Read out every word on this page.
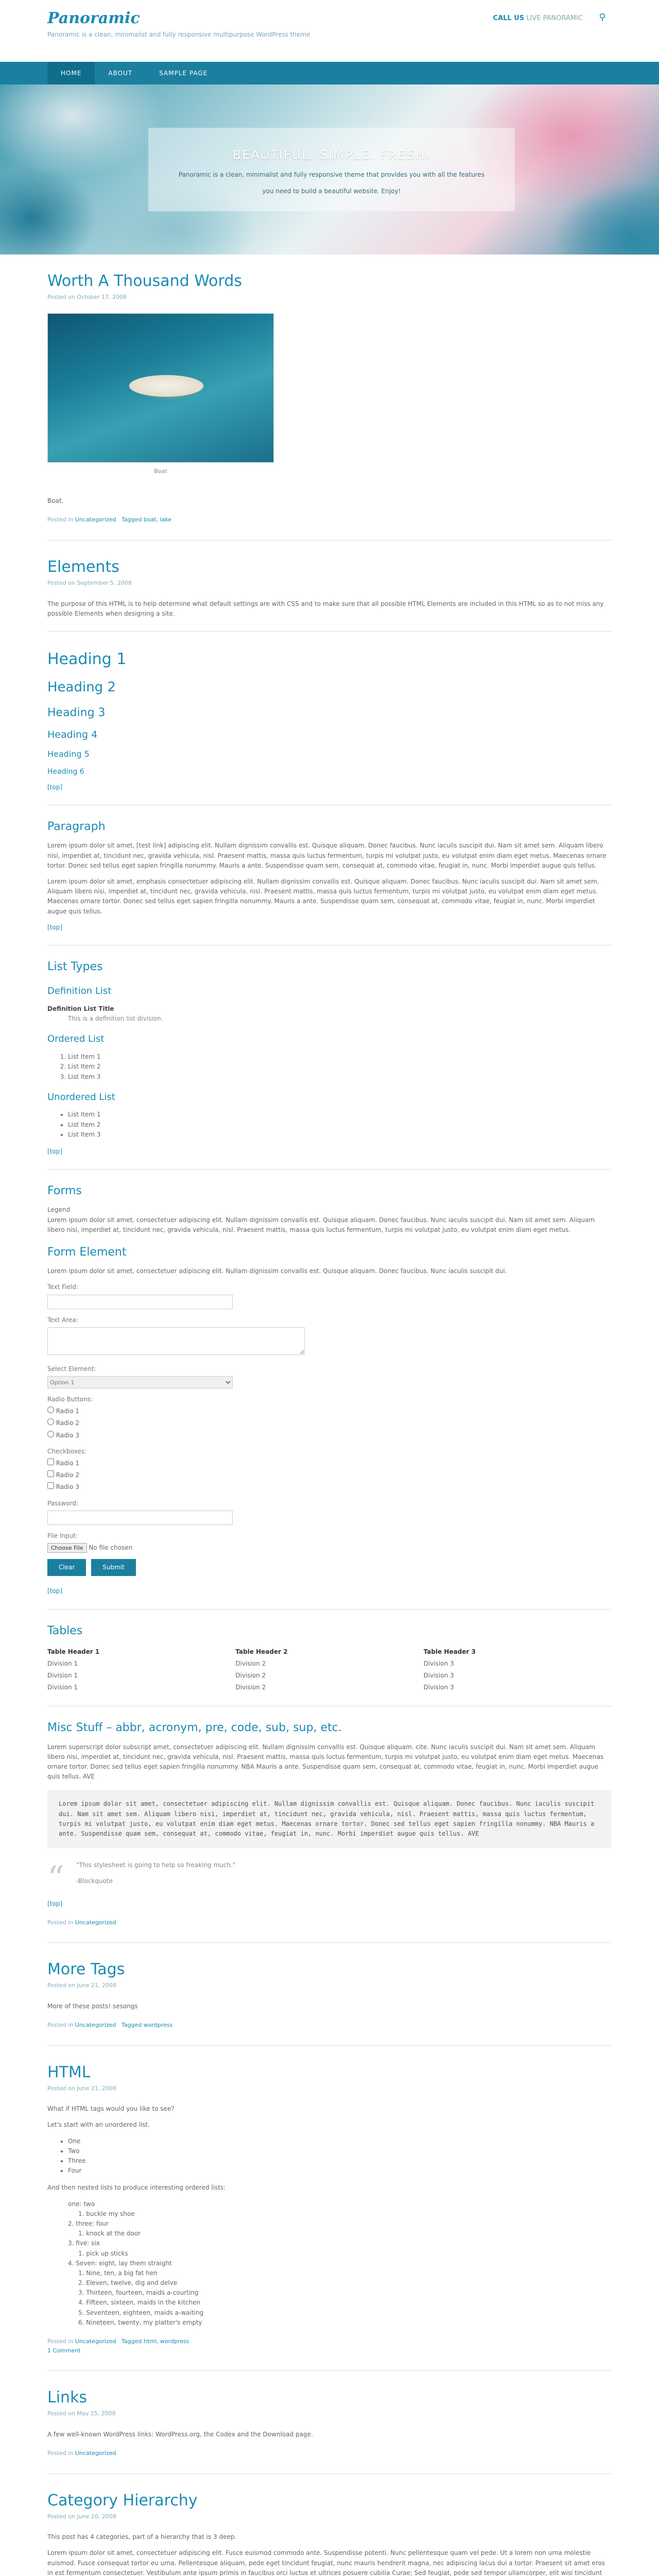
Panoramic
Panoramic is a clean, minimalist and fully responsive multipurpose WordPress theme
CALL US LIVE PANORAMIC	⚲
HOME	ABOUT	SAMPLE PAGE
BEAUTIFUL. SIMPLE. FRESH.

Panoramic is a clean, minimalist and fully responsive theme that provides you with all the features

you need to build a beautiful website. Enjoy!

Worth A Thousand Words
Posted on October 17, 2008
Boat

Boat.

Posted in Uncategorized Tagged boat, lake
Elements
Posted on September 5, 2008

The purpose of this HTML is to help determine what default settings are with CSS and to make sure that all possible HTML Elements are included in this HTML so as to not miss any possible Elements when designing a site.

Heading 1
Heading 2
Heading 3
Heading 4
Heading 5
Heading 6
[top]
Paragraph

Lorem ipsum dolor sit amet, [test link] adipiscing elit. Nullam dignissim convallis est. Quisque aliquam. Donec faucibus. Nunc iaculis suscipit dui. Nam sit amet sem. Aliquam libero nisi, imperdiet at, tincidunt nec, gravida vehicula, nisl. Praesent mattis, massa quis luctus fermentum, turpis mi volutpat justo, eu volutpat enim diam eget metus. Maecenas ornare tortor. Donec sed tellus eget sapien fringilla nonummy. Mauris a ante. Suspendisse quam sem, consequat at, commodo vitae, feugiat in, nunc. Morbi imperdiet augue quis tellus.

Lorem ipsum dolor sit amet, emphasis consectetuer adipiscing elit. Nullam dignissim convallis est. Quisque aliquam. Donec faucibus. Nunc iaculis suscipit dui. Nam sit amet sem. Aliquam libero nisi, imperdiet at, tincidunt nec, gravida vehicula, nisl. Praesent mattis, massa quis luctus fermentum, turpis mi volutpat justo, eu volutpat enim diam eget metus. Maecenas ornare tortor. Donec sed tellus eget sapien fringilla nonummy. Mauris a ante. Suspendisse quam sem, consequat at, commodo vitae, feugiat in, nunc. Morbi imperdiet augue quis tellus.

[top]
List Types
Definition List
Definition List Title
This is a definition list division.
Ordered List
1. List Item 1
2. List Item 2
3. List Item 3
Unordered List
• List Item 1
• List Item 2
• List Item 3
[top]
Forms
Legend

Lorem ipsum dolor sit amet, consectetuer adipiscing elit. Nullam dignissim convallis est. Quisque aliquam. Donec faucibus. Nunc iaculis suscipit dui. Nam sit amet sem. Aliquam libero nisi, imperdiet at, tincidunt nec, gravida vehicula, nisl. Praesent mattis, massa quis luctus fermentum, turpis mi volutpat justo, eu volutpat enim diam eget metus.

Form Element

Lorem ipsum dolor sit amet, consectetuer adipiscing elit. Nullam dignissim convallis est. Quisque aliquam. Donec faucibus. Nunc iaculis suscipit dui.

Text Field:
Text Area:
Select Element:
Option 1
Radio Buttons:
Radio 1
Radio 2
Radio 3
Checkboxes:
Radio 1
Radio 2
Radio 3
Password:
File Input:
Choose File No file chosen
Clear	Submit
[top]
Tables
Table Header 1	Table Header 2	Table Header 3
Division 1	Division 2	Division 3
Division 1	Division 2	Division 3
Division 1	Division 2	Division 3
Misc Stuff – abbr, acronym, pre, code, sub, sup, etc.

Lorem superscript dolor subscript amet, consectetuer adipiscing elit. Nullam dignissim convallis est. Quisque aliquam. cite. Nunc iaculis suscipit dui. Nam sit amet sem. Aliquam libero nisi, imperdiet at, tincidunt nec, gravida vehicula, nisl. Praesent mattis, massa quis luctus fermentum, turpis mi volutpat justo, eu volutpat enim diam eget metus. Maecenas ornare tortor. Donec sed tellus eget sapien fringilla nonummy. NBA Mauris a ante. Suspendisse quam sem, consequat at, commodo vitae, feugiat in, nunc. Morbi imperdiet augue quis tellus. AVE

Lorem ipsum dolor sit amet, consectetuer adipiscing elit. Nullam dignissim convallis est. Quisque aliquam. Donec faucibus. Nunc iaculis suscipit dui. Nam sit amet sem. Aliquam libero nisi, imperdiet at, tincidunt nec, gravida vehicula, nisl. Praesent mattis, massa quis luctus fermentum, turpis mi volutpat justo, eu volutpat enim diam eget metus. Maecenas ornare tortor. Donec sed tellus eget sapien fringilla nonummy. NBA Mauris a ante. Suspendisse quam sem, consequat at, commodo vitae, feugiat in, nunc. Morbi imperdiet augue quis tellus. AVE
“ "This stylesheet is going to help so freaking much."

-Blockquote

[top]
Posted in Uncategorized
More Tags
Posted on June 21, 2008

More of these posts! sesongs

Posted in Uncategorized Tagged wordpress
HTML
Posted on June 21, 2008

What if HTML tags would you like to see?

Let's start with an unordered list.

• One
• Two
• Three
• Four

And then nested lists to produce interesting ordered lists:

one: two
1. buckle my shoe
2. three: four
1. knock at the door
3. five: six
1. pick up sticks
4. Seven: eight, lay them straight
1. Nine, ten, a big fat hen
2. Eleven, twelve, dig and delve
3. Thirteen, fourteen, maids a-courting
4. Fifteen, sixteen, maids in the kitchen
5. Seventeen, eighteen, maids a-waiting
6. Nineteen, twenty, my platter's empty
Posted in Uncategorized Tagged html, wordpress
1 Comment
Links
Posted on May 15, 2008

A few well-known WordPress links: WordPress.org, the Codex and the Download page.

Posted in Uncategorized
Category Hierarchy
Posted on June 20, 2008

This post has 4 categories, part of a hierarchy that is 3 deep.

Lorem ipsum dolor sit amet, consectetuer adipiscing elit. Fusce euismod commodo ante. Suspendisse potenti. Nunc pellentesque quam vel pede. Ut a lorem non urna molestie euismod. Fusce consequat tortor eu urna. Pellentesque aliquam, pede eget tincidunt feugiat, nunc mauris hendrerit magna, nec adipiscing lacus dui a tortor. Praesent sit amet eros in est fermentum consectetuer. Vestibulum ante ipsum primis in faucibus orci luctus et ultrices posuere cubilia Curae; Sed feugiat, pede sed tempor ullamcorper, elit wisi tincidunt
